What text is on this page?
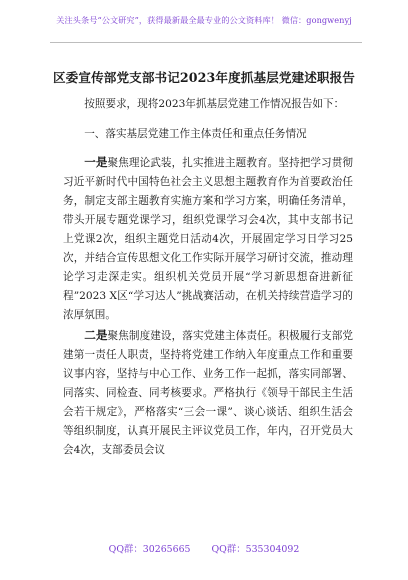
关注头条号“公文研究”，获得最新最全最专业的公文资料库！ 微信：gongwenyj
区委宣传部党支部书记2023年度抓基层党建述职报告

按照要求，现将2023年抓基层党建工作情况报告如下：

一、落实基层党建工作主体责任和重点任务情况

一是聚焦理论武装，扎实推进主题教育。坚持把学习贯彻习近平新时代中国特色社会主义思想主题教育作为首要政治任务，制定支部主题教育实施方案和学习方案，明确任务清单，带头开展专题党课学习，组织党课学习会4次，其中支部书记上党课2次，组织主题党日活动4次，开展固定学习日学习25次，并结合宣传思想文化工作实际开展学习研讨交流，推动理论学习走深走实。组织机关党员开展“学习新思想奋进新征程”2023 X区“学习达人”挑战赛活动，在机关持续营造学习的浓厚氛围。

二是聚焦制度建设，落实党建主体责任。积极履行支部党建第一责任人职责，坚持将党建工作纳入年度重点工作和重要议事内容，坚持与中心工作、业务工作一起抓，落实同部署、同落实、同检查、同考核要求。严格执行《领导干部民主生活会若干规定》，严格落实“三会一课”、谈心谈话、组织生活会等组织制度，认真开展民主评议党员工作，年内，召开党员大会4次，支部委员会议

QQ群：30265665 QQ群：535304092
